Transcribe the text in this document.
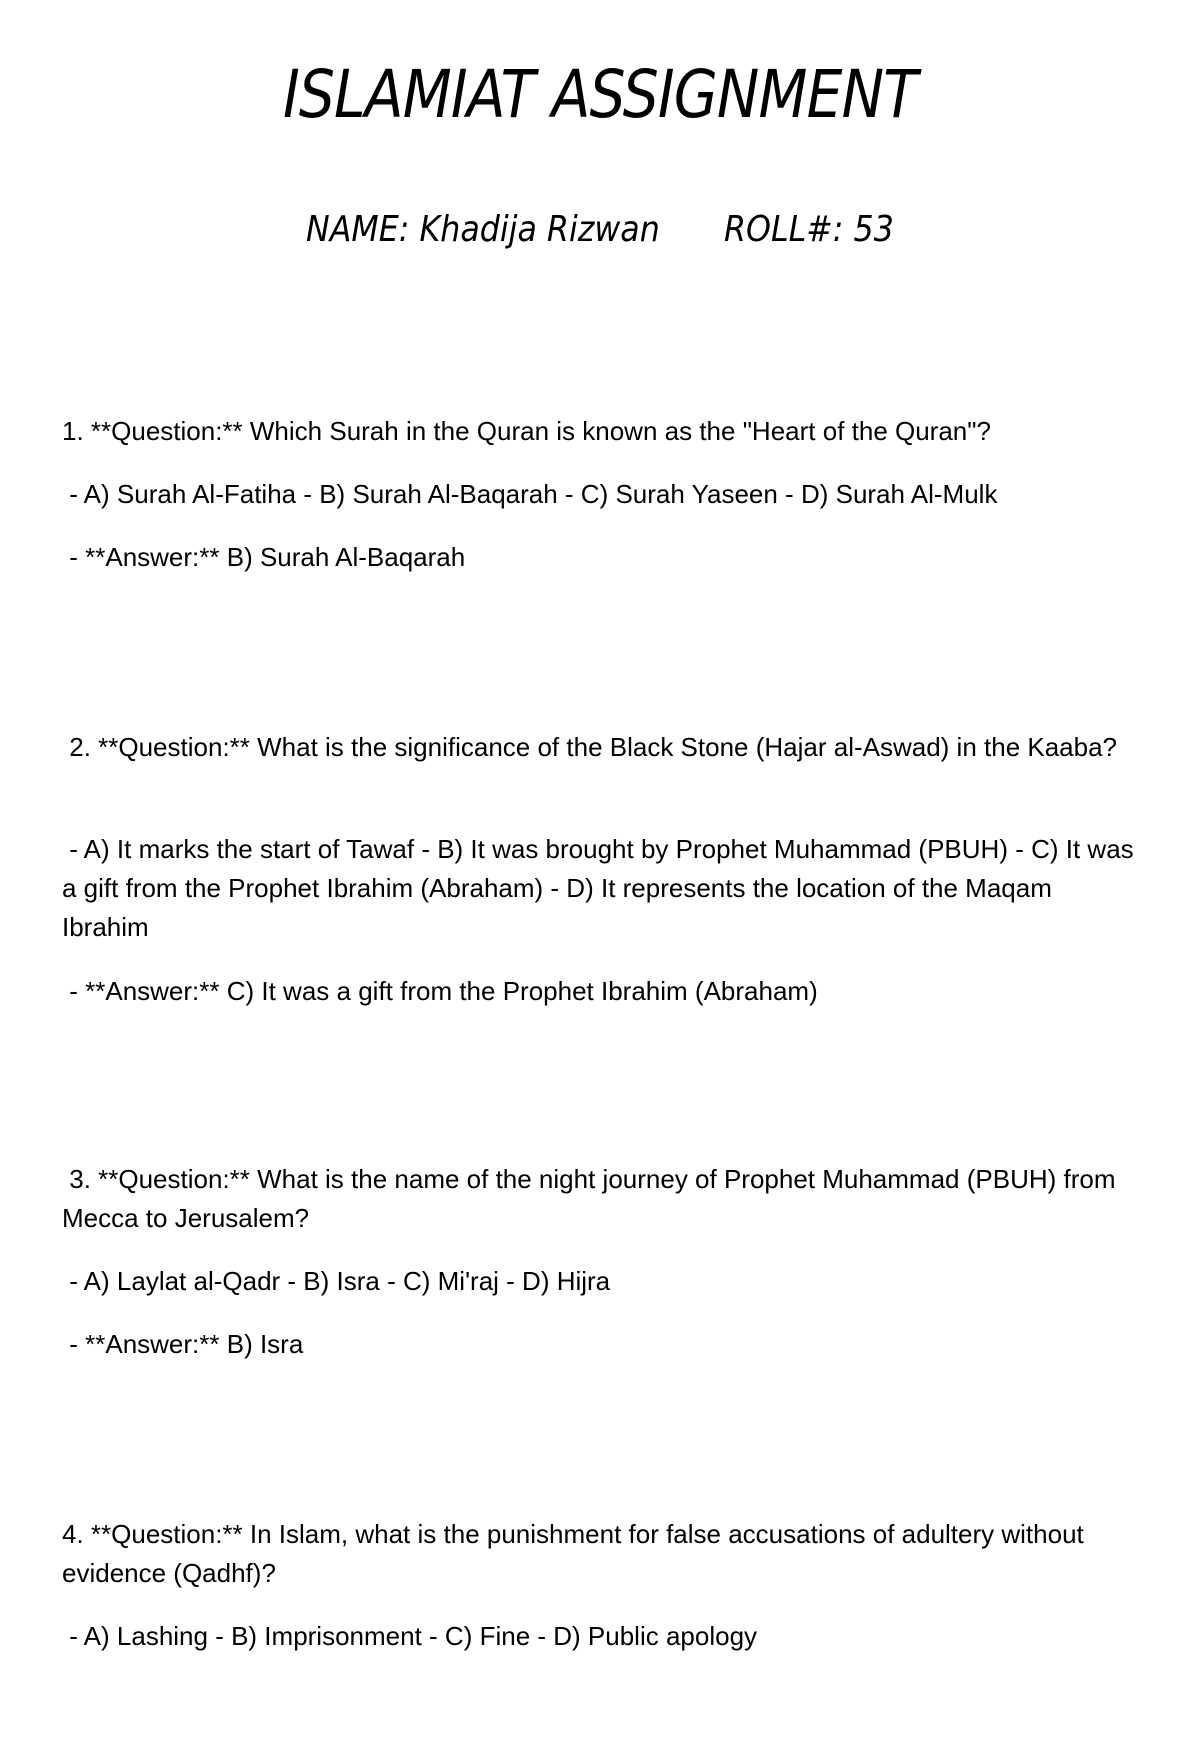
ISLAMIAT ASSIGNMENT
NAME: Khadija Rizwan ROLL#: 53
1. **Question:** Which Surah in the Quran is known as the "Heart of the Quran"?
- A) Surah Al-Fatiha - B) Surah Al-Baqarah - C) Surah Yaseen - D) Surah Al-Mulk
- **Answer:** B) Surah Al-Baqarah
2. **Question:** What is the significance of the Black Stone (Hajar al-Aswad) in the Kaaba?
- A) It marks the start of Tawaf - B) It was brought by Prophet Muhammad (PBUH) - C) It was a gift from the Prophet Ibrahim (Abraham) - D) It represents the location of the Maqam Ibrahim
- **Answer:** C) It was a gift from the Prophet Ibrahim (Abraham)
3. **Question:** What is the name of the night journey of Prophet Muhammad (PBUH) from Mecca to Jerusalem?
- A) Laylat al-Qadr - B) Isra - C) Mi'raj - D) Hijra
- **Answer:** B) Isra
4. **Question:** In Islam, what is the punishment for false accusations of adultery without evidence (Qadhf)?
- A) Lashing - B) Imprisonment - C) Fine - D) Public apology
